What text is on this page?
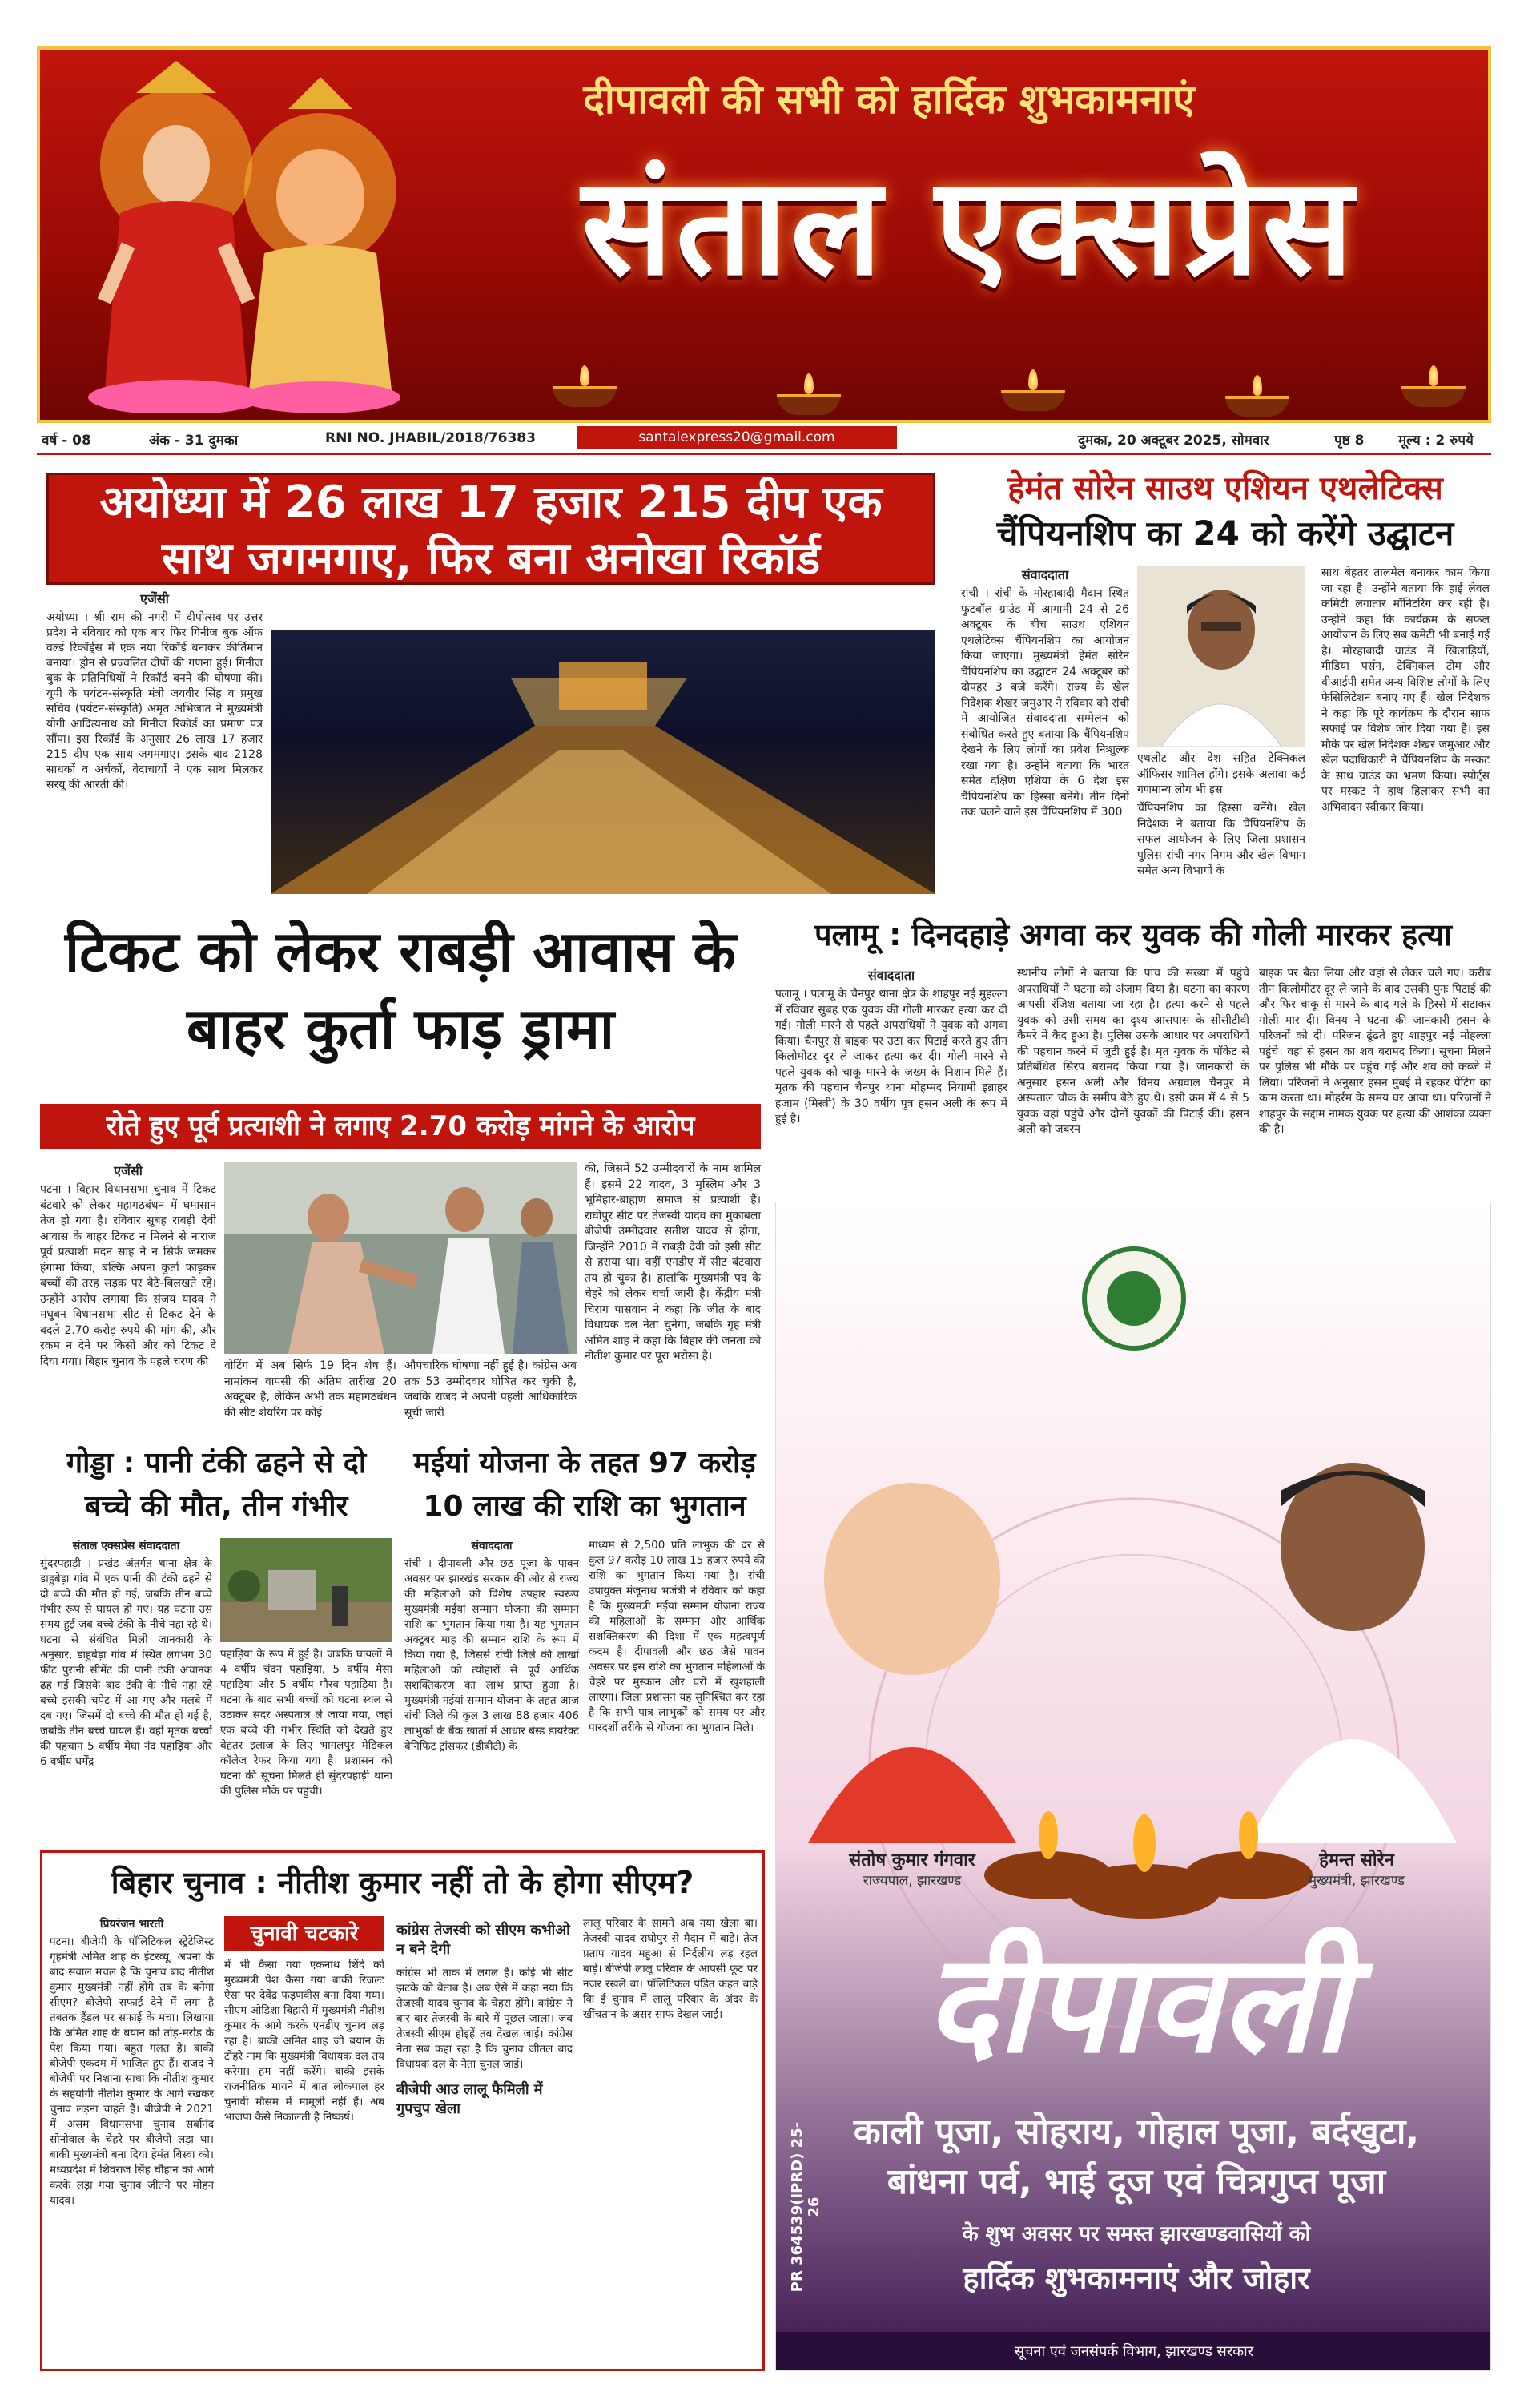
दीपावली की सभी को हार्दिक शुभकामनाएं
संताल एक्सप्रेस
वर्ष - 08	अंक - 31 दुमका	RNI NO. JHABIL/2018/76383	दुमका, 20 अक्टूबर 2025, सोमवार	पृष्ठ 8	मूल्य : 2 रुपये
santalexpress20@gmail.com
अयोध्या में 26 लाख 17 हजार 215 दीप एक साथ जगमगाए, फिर बना अनोखा रिकॉर्ड
एजेंसी
अयोध्या । श्री राम की नगरी में दीपोत्सव पर उत्तर प्रदेश ने रविवार को एक बार फिर गिनीज बुक ऑफ वर्ल्ड रिकॉर्ड्स में एक नया रिकॉर्ड बनाकर कीर्तिमान बनाया। ड्रोन से प्रज्वलित दीपों की गणना हुई। गिनीज बुक के प्रतिनिधियों ने रिकॉर्ड बनने की घोषणा की। यूपी के पर्यटन-संस्कृति मंत्री जयवीर सिंह व प्रमुख सचिव (पर्यटन-संस्कृति) अमृत अभिजात ने मुख्यमंत्री योगी आदित्यनाथ को गिनीज रिकॉर्ड का प्रमाण पत्र सौंपा। इस रिकॉर्ड के अनुसार 26 लाख 17 हजार 215 दीप एक साथ जगमगाए। इसके बाद 2128 साधकों व अर्चकों, वेदाचार्यों ने एक साथ मिलकर सरयू की आरती की।
हेमंत सोरेन साउथ एशियन एथलेटिक्स
चैंपियनशिप का 24 को करेंगे उद्घाटन
संवाददाता
रांची । रांची के मोरहाबादी मैदान स्थित फुटबॉल ग्राउंड में आगामी 24 से 26 अक्टूबर के बीच साउथ एशियन एथलेटिक्स चैंपियनशिप का आयोजन किया जाएगा। मुख्यमंत्री हेमंत सोरेन चैंपियनशिप का उद्घाटन 24 अक्टूबर को दोपहर 3 बजे करेंगे। राज्य के खेल निदेशक शेखर जमुआर ने रविवार को रांची में आयोजित संवाददाता सम्मेलन को संबोधित करते हुए बताया कि चैंपियनशिप देखने के लिए लोगों का प्रवेश निःशुल्क रखा गया है। उन्होंने बताया कि भारत समेत दक्षिण एशिया के 6 देश इस चैंपियनशिप का हिस्सा बनेंगे। तीन दिनों तक चलने वाले इस चैंपियनशिप में 300
एथलीट और देश सहित टेक्निकल ऑफिसर शामिल होंगे। इसके अलावा कई गणमान्य लोग भी इस
चैंपियनशिप का हिस्सा बनेंगे। खेल निदेशक ने बताया कि चैंपियनशिप के सफल आयोजन के लिए जिला प्रशासन पुलिस रांची नगर निगम और खेल विभाग समेत अन्य विभागों के
साथ बेहतर तालमेल बनाकर काम किया जा रहा है। उन्होंने बताया कि हाई लेवल कमिटी लगातार मॉनिटरिंग कर रही है। उन्होंने कहा कि कार्यक्रम के सफल आयोजन के लिए सब कमेटी भी बनाई गई है। मोरहाबादी ग्राउंड में खिलाड़ियों, मीडिया पर्सन, टेक्निकल टीम और वीआईपी समेत अन्य विशिष्ट लोगों के लिए फेसिलिटेशन बनाए गए हैं। खेल निदेशक ने कहा कि पूरे कार्यक्रम के दौरान साफ सफाई पर विशेष जोर दिया गया है। इस मौके पर खेल निदेशक शेखर जमुआर और खेल पदाधिकारी ने चैंपियनशिप के मस्कट के साथ ग्राउंड का भ्रमण किया। स्पोर्ट्स पर मस्कट ने हाथ हिलाकर सभी का अभिवादन स्वीकार किया।
टिकट को लेकर राबड़ी आवास के बाहर कुर्ता फाड़ ड्रामा
रोते हुए पूर्व प्रत्याशी ने लगाए 2.70 करोड़ मांगने के आरोप
एजेंसी
पटना । बिहार विधानसभा चुनाव में टिकट बंटवारे को लेकर महागठबंधन में घमासान तेज हो गया है। रविवार सुबह राबड़ी देवी आवास के बाहर टिकट न मिलने से नाराज पूर्व प्रत्याशी मदन साह ने न सिर्फ जमकर हंगामा किया, बल्कि अपना कुर्ता फाड़कर बच्चों की तरह सड़क पर बैठे-बिलखते रहे। उन्होंने आरोप लगाया कि संजय यादव ने मधुबन विधानसभा सीट से टिकट देने के बदले 2.70 करोड़ रुपये की मांग की, और रकम न देने पर किसी और को टिकट दे दिया गया। बिहार चुनाव के पहले चरण की	वोटिंग में अब सिर्फ 19 दिन शेष हैं। नामांकन वापसी की अंतिम तारीख 20 अक्टूबर है, लेकिन अभी तक महागठबंधन की सीट शेयरिंग पर कोई
औपचारिक घोषणा नहीं हुई है। कांग्रेस अब तक 53 उम्मीदवार घोषित कर चुकी है, जबकि राजद ने अपनी पहली आधिकारिक सूची जारी
की, जिसमें 52 उम्मीदवारों के नाम शामिल हैं। इसमें 22 यादव, 3 मुस्लिम और 3 भूमिहार-ब्राह्मण समाज से प्रत्याशी हैं। राघोपुर सीट पर तेजस्वी यादव का मुकाबला बीजेपी उम्मीदवार सतीश यादव से होगा, जिन्होंने 2010 में राबड़ी देवी को इसी सीट से हराया था। वहीं एनडीए में सीट बंटवारा तय हो चुका है। हालांकि मुख्यमंत्री पद के चेहरे को लेकर चर्चा जारी है। केंद्रीय मंत्री चिराग पासवान ने कहा कि जीत के बाद विधायक दल नेता चुनेगा, जबकि गृह मंत्री अमित शाह ने कहा कि बिहार की जनता को नीतीश कुमार पर पूरा भरोसा है।
पलामू : दिनदहाड़े अगवा कर युवक की गोली मारकर हत्या
संवाददाता
पलामू । पलामू के चैनपुर थाना क्षेत्र के शाहपुर नई मुहल्ला में रविवार सुबह एक युवक की गोली मारकर हत्या कर दी गई। गोली मारने से पहले अपराधियों ने युवक को अगवा किया। चैनपुर से बाइक पर उठा कर पिटाई करते हुए तीन किलोमीटर दूर ले जाकर हत्या कर दी। गोली मारने से पहले युवक को चाकू मारने के जख्म के निशान मिले हैं। मृतक की पहचान चैनपुर थाना मोहम्मद नियामी इब्राहर हजाम (मिस्त्री) के 30 वर्षीय पुत्र हसन अली के रूप में हुई है।
स्थानीय लोगों ने बताया कि पांच की संख्या में पहुंचे अपराधियों ने घटना को अंजाम दिया है। घटना का कारण आपसी रंजिश बताया जा रहा है। हत्या करने से पहले युवक को उसी समय का दृश्य आसपास के सीसीटीवी कैमरे में कैद हुआ है। पुलिस उसके आधार पर अपराधियों की पहचान करने में जुटी हुई है। मृत युवक के पॉकेट से प्रतिबंधित सिरप बरामद किया गया है। जानकारी के अनुसार हसन अली और विनय अग्रवाल चैनपुर में अस्पताल चौक के समीप बैठे हुए थे। इसी क्रम में 4 से 5 युवक वहां पहुंचे और दोनों युवकों की पिटाई की। हसन अली को जबरन
बाइक पर बैठा लिया और वहां से लेकर चले गए। करीब तीन किलोमीटर दूर ले जाने के बाद उसकी पुनः पिटाई की और फिर चाकू से मारने के बाद गले के हिस्से में सटाकर गोली मार दी। विनय ने घटना की जानकारी हसन के परिजनों को दी। परिजन ढूंढते हुए शाहपुर नई मोहल्ला पहुंचे। वहां से हसन का शव बरामद किया। सूचना मिलने पर पुलिस भी मौके पर पहुंच गई और शव को कब्जे में लिया। परिजनों ने अनुसार हसन मुंबई में रहकर पेंटिंग का काम करता था। मोहर्रम के समय घर आया था। परिजनों ने शाहपुर के सद्दाम नामक युवक पर हत्या की आशंका व्यक्त की है।
गोड्डा : पानी टंकी ढहने से दो बच्चे की मौत, तीन गंभीर
संताल एक्सप्रेस संवाददाता
सुंदरपहाड़ी । प्रखंड अंतर्गत थाना क्षेत्र के डाहुबेड़ा गांव में एक पानी की टंकी ढहने से दो बच्चे की मौत हो गई, जबकि तीन बच्चे गंभीर रूप से घायल हो गए। यह घटना उस समय हुई जब बच्चे टंकी के नीचे नहा रहे थे। घटना से संबंधित मिली जानकारी के अनुसार, डाहुबेड़ा गांव में स्थित लगभग 30 फीट पुरानी सीमेंट की पानी टंकी अचानक ढह गई जिसके बाद टंकी के नीचे नहा रहे बच्चे इसकी चपेट में आ गए और मलबे में दब गए। जिसमें दो बच्चे की मौत हो गई है, जबकि तीन बच्चे घायल हैं। वहीं मृतक बच्चों की पहचान 5 वर्षीय मेघा नंद पहाड़िया और 6 वर्षीय धर्मेंद्र
पहाड़िया के रूप में हुई है। जबकि घायलों में 4 वर्षीय चंदन पहाड़िया, 5 वर्षीय मैसा पहाड़िया और 5 वर्षीय गौरव पहाड़िया है। घटना के बाद सभी बच्चों को घटना स्थल से उठाकर सदर अस्पताल ले जाया गया, जहां एक बच्चे की गंभीर स्थिति को देखते हुए बेहतर इलाज के लिए भागलपुर मेडिकल कॉलेज रेफर किया गया है। प्रशासन को घटना की सूचना मिलते ही सुंदरपहाड़ी थाना की पुलिस मौके पर पहुंची।
मईयां योजना के तहत 97 करोड़ 10 लाख की राशि का भुगतान
संवाददाता
रांची । दीपावली और छठ पूजा के पावन अवसर पर झारखंड सरकार की ओर से राज्य की महिलाओं को विशेष उपहार स्वरूप मुख्यमंत्री मईयां सम्मान योजना की सम्मान राशि का भुगतान किया गया है। यह भुगतान अक्टूबर माह की सम्मान राशि के रूप में किया गया है, जिससे रांची जिले की लाखों महिलाओं को त्योहारों से पूर्व आर्थिक सशक्तिकरण का लाभ प्राप्त हुआ है। मुख्यमंत्री मईयां सम्मान योजना के तहत आज रांची जिले की कुल 3 लाख 88 हजार 406 लाभुकों के बैंक खातों में आधार बेस्ड डायरेक्ट बेनिफिट ट्रांसफर (डीबीटी) के
माध्यम से 2,500 प्रति लाभुक की दर से कुल 97 करोड़ 10 लाख 15 हजार रुपये की राशि का भुगतान किया गया है। रांची उपायुक्त मंजूनाथ भजंत्री ने रविवार को कहा है कि मुख्यमंत्री मईयां सम्मान योजना राज्य की महिलाओं के सम्मान और आर्थिक सशक्तिकरण की दिशा में एक महत्वपूर्ण कदम है। दीपावली और छठ जैसे पावन अवसर पर इस राशि का भुगतान महिलाओं के चेहरे पर मुस्कान और घरों में खुशहाली लाएगा। जिला प्रशासन यह सुनिश्चित कर रहा है कि सभी पात्र लाभुकों को समय पर और पारदर्शी तरीके से योजना का भुगतान मिले।
बिहार चुनाव : नीतीश कुमार नहीं तो के होगा सीएम?
प्रियरंजन भारती
पटना। बीजेपी के पॉलिटिकल स्ट्रेटेजिस्ट गृहमंत्री अमित शाह के इंटरव्यू, अपना के बाद सवाल मचल है कि चुनाव बाद नीतीश कुमार मुख्यमंत्री नहीं होंगे तब के बनेगा सीएम? बीजेपी सफाई देने में लगा है तबतक हैंडल पर सफाई के मचा। लिखाया कि अमित शाह के बयान को तोड़-मरोड़ के पेश किया गया। बहुत गलत है। बाकी बीजेपी एकदम में भाजित हुए हैं। राजद ने बीजेपी पर निशाना साधा कि नीतीश कुमार के सहयोगी नीतीश कुमार के आगे रखकर चुनाव लड़ना चाहते हैं। बीजेपी ने 2021 में असम विधानसभा चुनाव सर्बानंद सोनोवाल के चेहरे पर बीजेपी लड़ा था। बाकी मुख्यमंत्री बना दिया हेमंत बिस्वा को। मध्यप्रदेश में शिवराज सिंह चौहान को आगे करके लड़ा गया चुनाव जीतने पर मोहन यादव।
चुनावी चटकारे
में भी कैसा गया एकनाथ शिंदे को मुख्यमंत्री पेश कैसा गया बाकी रिजल्ट ऐसा पर देवेंद्र फड़णवीस बना दिया गया। सीएम ओडिशा बिहारी में मुख्यमंत्री नीतीश कुमार के आगे करके एनडीए चुनाव लड़ रहा है। बाकी अमित शाह जो बयान के टोहरे नाम कि मुख्यमंत्री विधायक दल तय करेगा। हम नहीं करेंगे। बाकी इसके राजनीतिक मायने में बात लोकपाल हर चुनावी मौसम में मामूली नहीं हैं। अब भाजपा कैसे निकालती है निष्कर्ष।
कांग्रेस तेजस्वी को सीएम कभीओ न बने देगी
कांग्रेस भी ताक में लगल है। कोई भी सीट झटके को बेताब है। अब ऐसे में कहा नया कि तेजस्वी यादव चुनाव के चेहरा होंगे। कांग्रेस ने बार बार तेजस्वी के बारे में पूछल जाला। जब तेजस्वी सीएम होइहें तब देखल जाई। कांग्रेस नेता सब कहा रहा है कि चुनाव जीतल बाद विधायक दल के नेता चुनल जाई।
बीजेपी आउ लालू फैमिली में गुपचुप खेला
लालू परिवार के सामने अब नया खेला बा। तेजस्वी यादव राघोपुर से मैदान में बाड़े। तेज प्रताप यादव महुआ से निर्दलीय लड़ रहल बाड़े। बीजेपी लालू परिवार के आपसी फूट पर नजर रखले बा। पॉलिटिकल पंडित कहत बाड़े कि ई चुनाव में लालू परिवार के अंदर के खींचतान के असर साफ देखल जाई।
संतोष कुमार गंगवार
राज्यपाल, झारखण्ड
हेमन्त सोरेन
मुख्यमंत्री, झारखण्ड
दीपावली
काली पूजा, सोहराय, गोहाल पूजा, बर्दखुटा, बांधना पर्व, भाई दूज एवं चित्रगुप्त पूजा
के शुभ अवसर पर समस्त झारखण्डवासियों को
हार्दिक शुभकामनाएं और जोहार
सूचना एवं जनसंपर्क विभाग, झारखण्ड सरकार
PR 364539(IPRD) 25-26
